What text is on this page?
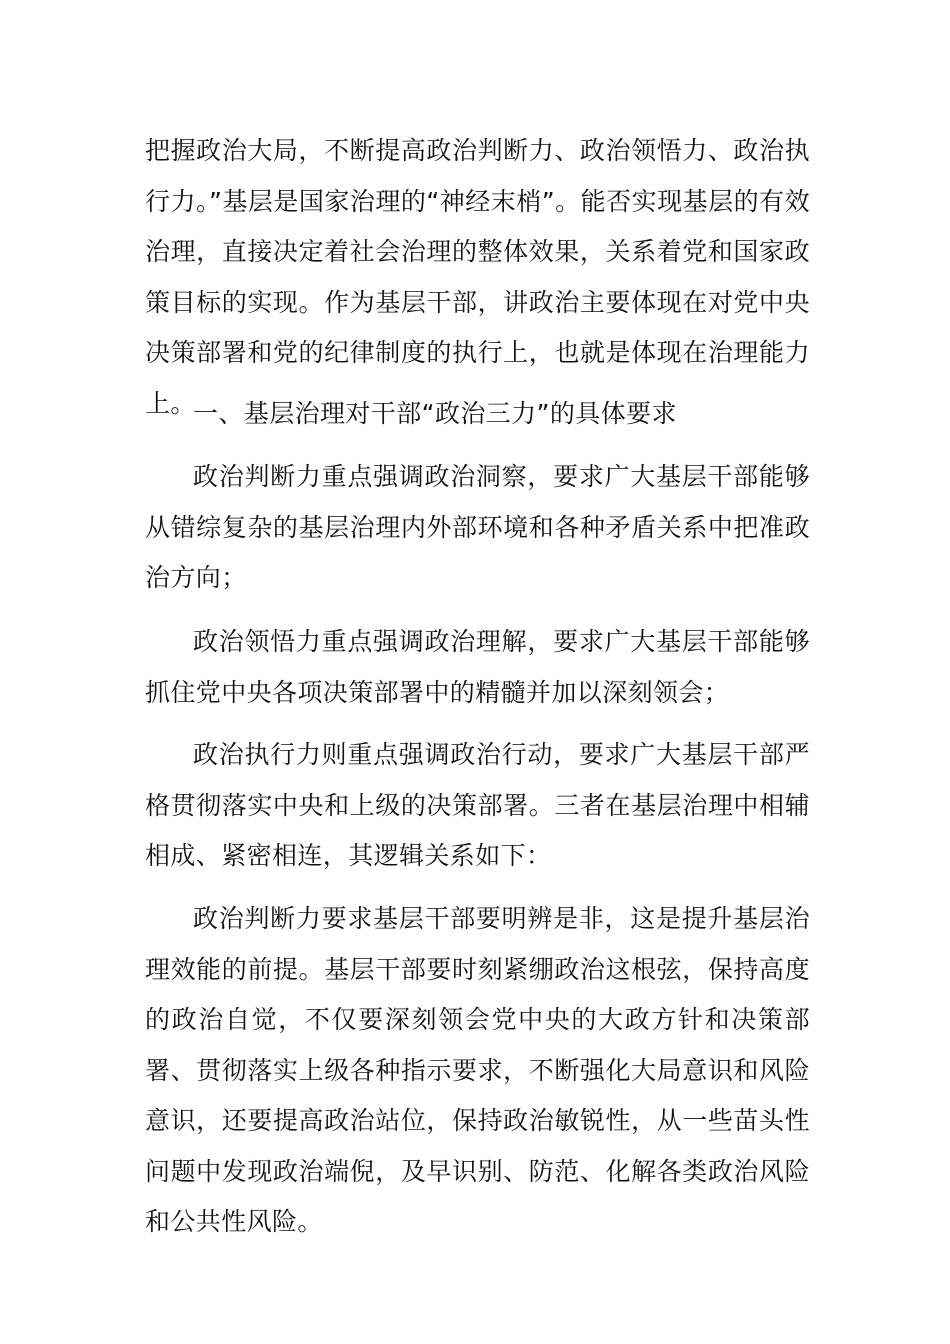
把握政治大局，不断提高政治判断力、政治领悟力、政治执行力。”基层是国家治理的“神经末梢”。能否实现基层的有效治理，直接决定着社会治理的整体效果，关系着党和国家政策目标的实现。作为基层干部，讲政治主要体现在对党中央决策部署和党的纪律制度的执行上，也就是体现在治理能力上。

一、基层治理对干部“政治三力”的具体要求

政治判断力重点强调政治洞察，要求广大基层干部能够从错综复杂的基层治理内外部环境和各种矛盾关系中把准政治方向；

政治领悟力重点强调政治理解，要求广大基层干部能够抓住党中央各项决策部署中的精髓并加以深刻领会；

政治执行力则重点强调政治行动，要求广大基层干部严格贯彻落实中央和上级的决策部署。三者在基层治理中相辅相成、紧密相连，其逻辑关系如下：

政治判断力要求基层干部要明辨是非，这是提升基层治理效能的前提。基层干部要时刻紧绷政治这根弦，保持高度的政治自觉，不仅要深刻领会党中央的大政方针和决策部署、贯彻落实上级各种指示要求，不断强化大局意识和风险意识，还要提高政治站位，保持政治敏锐性，从一些苗头性问题中发现政治端倪，及早识别、防范、化解各类政治风险和公共性风险。
